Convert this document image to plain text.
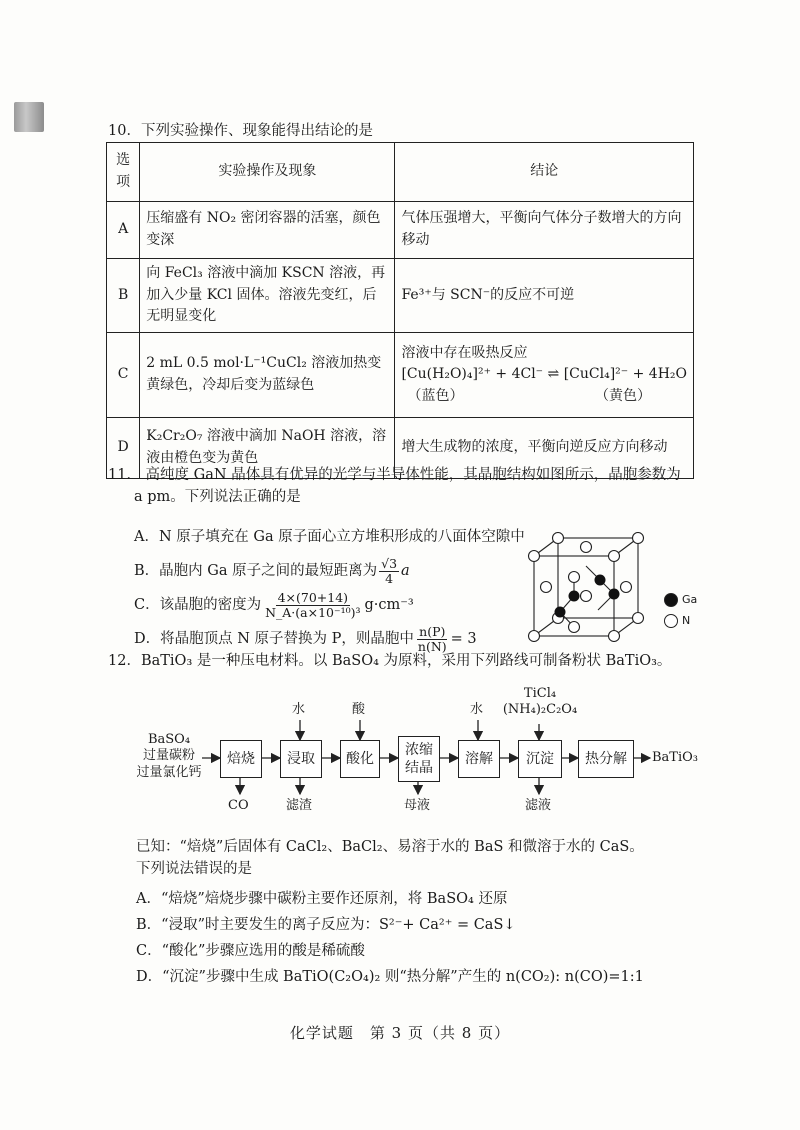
10．下列实验操作、现象能得出结论的是
选项	实验操作及现象	结论
A	压缩盛有 NO₂ 密闭容器的活塞，颜色变深	气体压强增大，平衡向气体分子数增大的方向移动
B	向 FeCl₃ 溶液中滴加 KSCN 溶液，再加入少量 KCl 固体。溶液先变红，后无明显变化	Fe³⁺与 SCN⁻的反应不可逆
C	2 mL 0.5 mol·L⁻¹CuCl₂ 溶液加热变黄绿色，冷却后变为蓝绿色	溶液中存在吸热反应
[Cu(H₂O)₄]²⁺ + 4Cl⁻ ⇌ [CuCl₄]²⁻ + 4H₂O
（蓝色） （黄色）

D	K₂Cr₂O₇ 溶液中滴加 NaOH 溶液，溶液由橙色变为黄色	增大生成物的浓度，平衡向逆反应方向移动
11． 高纯度 GaN 晶体具有优异的光学与半导体性能，其晶胞结构如图所示，晶胞参数为
a pm。下列说法正确的是
A．N 原子填充在 Ga 原子面心立方堆积形成的八面体空隙中
B．晶胞内 Ga 原子之间的最短距离为 $\frac{√3}{4}$ a
C．该晶胞的密度为 $\frac{4\times(70+14)}{\text{N\_A·(a×10⁻¹⁰)³}} g\cdot cm^{-3}$
D．将晶胞顶点 N 原子替换为 P，则晶胞中 $\frac{n(P)}{n(N)} = 3$
Ga
N
12．BaTiO₃ 是一种压电材料。以 BaSO₄ 为原料，采用下列路线可制备粉状 BaTiO₃。
BaSO₄
过量碳粉
过量氯化钙
焙烧	浸取	酸化
浓缩
结晶
溶解	沉淀	热分解	BaTiO₃
水	酸	水
TiCl₄
(NH₄)₂C₂O₄
CO	滤渣	母液	滤液
已知：“焙烧”后固体有 CaCl₂、BaCl₂、易溶于水的 BaS 和微溶于水的 CaS。
下列说法错误的是
A．“焙烧”焙烧步骤中碳粉主要作还原剂，将 BaSO₄ 还原
B．“浸取”时主要发生的离子反应为：S²⁻+ Ca²⁺ = CaS↓
C．“酸化”步骤应选用的酸是稀硫酸
D．“沉淀”步骤中生成 BaTiO(C₂O₄)₂ 则“热分解”产生的 n(CO₂): n(CO)=1:1
化学试题　第 3 页（共 8 页）
